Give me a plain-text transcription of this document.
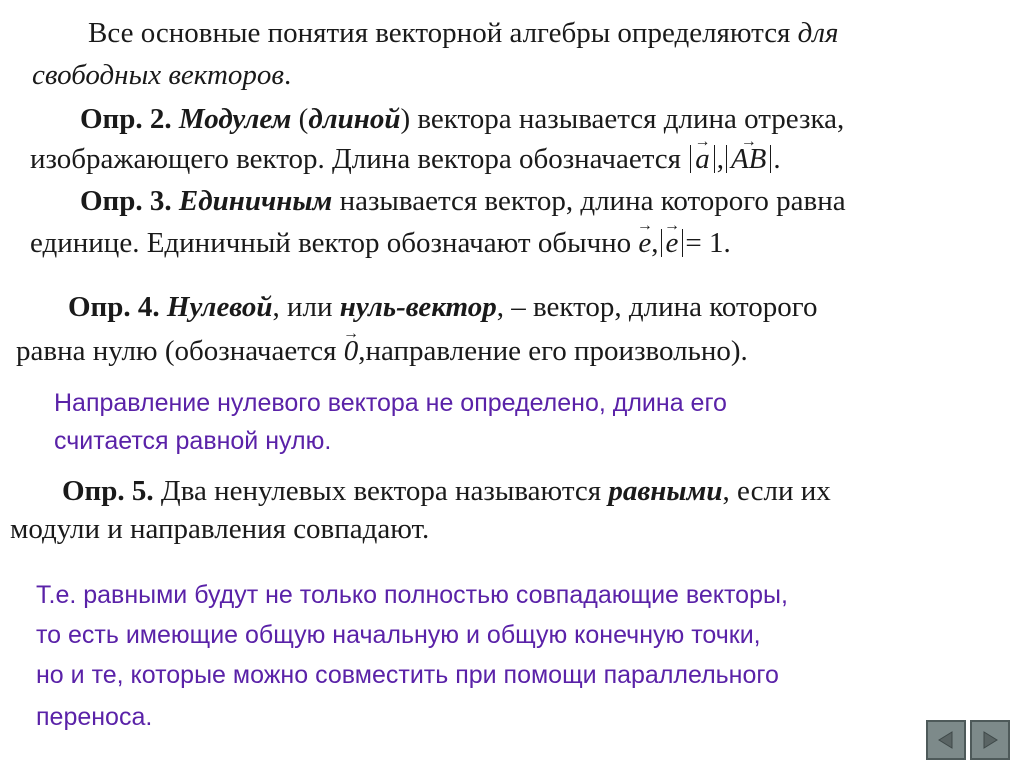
Все основные понятия векторной алгебры определяются для
свободных векторов.
Опр. 2. Модулем (длиной) вектора называется длина отрезка,
изображающего вектор. Длина вектора обозначается → a , → AB .
Опр. 3. Единичным называется вектор, длина которого равна
единице. Единичный вектор обозначают обычно → e, → e = 1.
Опр. 4. Нулевой, или нуль-вектор, – вектор, длина которого
равна нулю (обозначается → 0,направление его произвольно).
Направление нулевого вектора не определено, длина его
считается равной нулю.
Опр. 5. Два ненулевых вектора называются равными, если их
модули и направления совпадают.
Т.е. равными будут не только полностью совпадающие векторы,
то есть имеющие общую начальную и общую конечную точки,
но и те, которые можно совместить при помощи параллельного
переноса.
